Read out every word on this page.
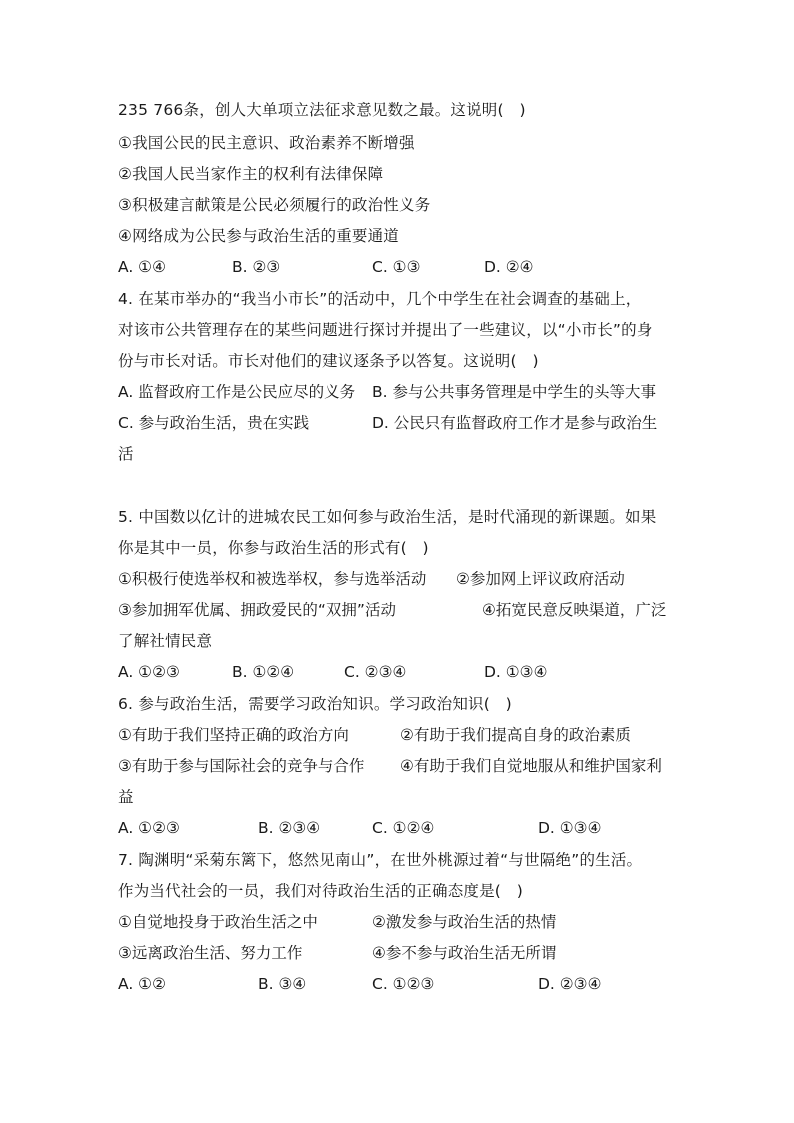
235 766条，创人大单项立法征求意见数之最。这说明(　)
①我国公民的民主意识、政治素养不断增强
②我国人民当家作主的权利有法律保障
③积极建言献策是公民必须履行的政治性义务
④网络成为公民参与政治生活的重要通道
A. ①④	B. ②③	C. ①③	D. ②④
4. 在某市举办的“我当小市长”的活动中，几个中学生在社会调查的基础上，
对该市公共管理存在的某些问题进行探讨并提出了一些建议，以“小市长”的身
份与市长对话。市长对他们的建议逐条予以答复。这说明(　)
A. 监督政府工作是公民应尽的义务 B. 参与公共事务管理是中学生的头等大事
C. 参与政治生活，贵在实践	D. 公民只有监督政府工作才是参与政治生
活
5. 中国数以亿计的进城农民工如何参与政治生活，是时代涌现的新课题。如果
你是其中一员，你参与政治生活的形式有(　)
①积极行使选举权和被选举权，参与选举活动 ②参加网上评议政府活动
③参加拥军优属、拥政爱民的“双拥”活动	④拓宽民意反映渠道，广泛
了解社情民意
A. ①②③	B. ①②④	C. ②③④	D. ①③④
6. 参与政治生活，需要学习政治知识。学习政治知识(　)
①有助于我们坚持正确的政治方向	②有助于我们提高自身的政治素质
③有助于参与国际社会的竞争与合作 ④有助于我们自觉地服从和维护国家利
益
A. ①②③	B. ②③④	C. ①②④	D. ①③④
7. 陶渊明“采菊东篱下，悠然见南山”，在世外桃源过着“与世隔绝”的生活。
作为当代社会的一员，我们对待政治生活的正确态度是(　)
①自觉地投身于政治生活之中	②激发参与政治生活的热情
③远离政治生活、努力工作	④参不参与政治生活无所谓
A. ①②	B. ③④	C. ①②③	D. ②③④
